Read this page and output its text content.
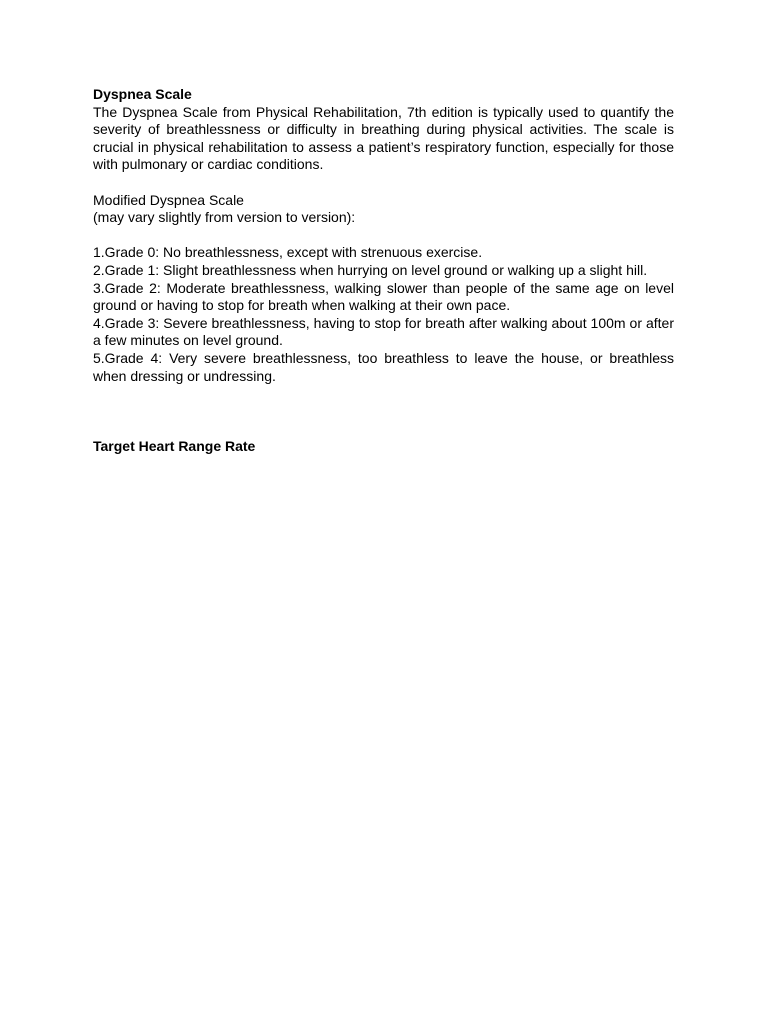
Dyspnea Scale

The Dyspnea Scale from Physical Rehabilitation, 7th edition is typically used to quantify the severity of breathlessness or difficulty in breathing during physical activities. The scale is crucial in physical rehabilitation to assess a patient’s respiratory function, especially for those with pulmonary or cardiac conditions.

Modified Dyspnea Scale

(may vary slightly from version to version):

1.Grade 0: No breathlessness, except with strenuous exercise.
2.Grade 1: Slight breathlessness when hurrying on level ground or walking up a slight hill.
3.Grade 2: Moderate breathlessness, walking slower than people of the same age on level ground or having to stop for breath when walking at their own pace.
4.Grade 3: Severe breathlessness, having to stop for breath after walking about 100m or after a few minutes on level ground.
5.Grade 4: Very severe breathlessness, too breathless to leave the house, or breathless when dressing or undressing.

Target Heart Range Rate
